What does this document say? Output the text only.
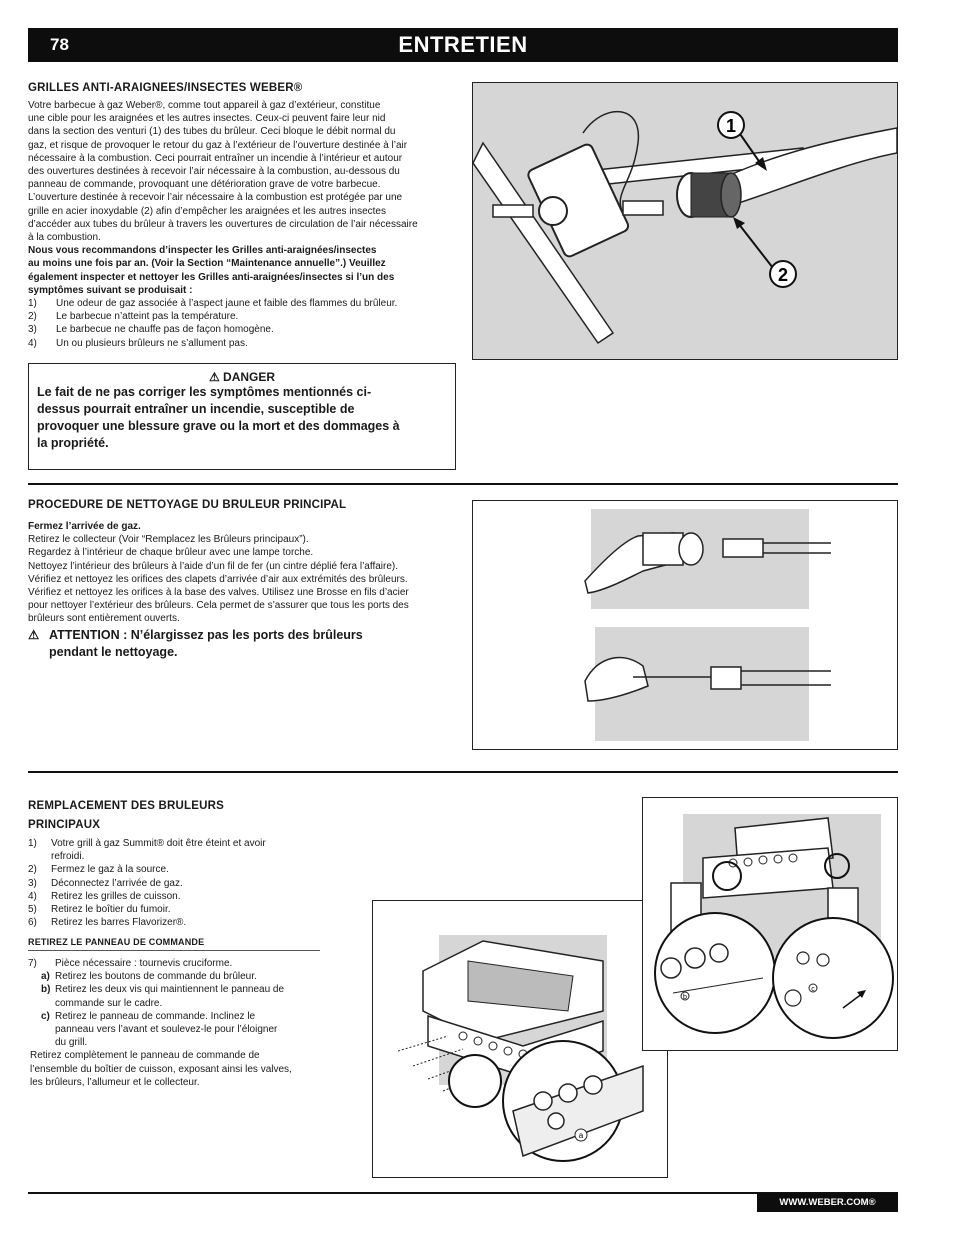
78	ENTRETIEN
GRILLES ANTI-ARAIGNEES/INSECTES WEBER®
Votre barbecue à gaz Weber®, comme tout appareil à gaz d’extérieur, constitue
une cible pour les araignées et les autres insectes. Ceux-ci peuvent faire leur nid
dans la section des venturi (1) des tubes du brûleur. Ceci bloque le débit normal du
gaz, et risque de provoquer le retour du gaz à l’extérieur de l’ouverture destinée à l’air
nécessaire à la combustion. Ceci pourrait entraîner un incendie à l’intérieur et autour
des ouvertures destinées à recevoir l’air nécessaire à la combustion, au-dessous du
panneau de commande, provoquant une détérioration grave de votre barbecue.
L’ouverture destinée à recevoir l’air nécessaire à la combustion est protégée par une
grille en acier inoxydable (2) afin d’empêcher les araignées et les autres insectes
d’accéder aux tubes du brûleur à travers les ouvertures de circulation de l’air nécessaire
à la combustion.
Nous vous recommandons d’inspecter les Grilles anti-araignées/insectes
au moins une fois par an. (Voir la Section “Maintenance annuelle”.) Veuillez
également inspecter et nettoyer les Grilles anti-araignées/insectes si l’un des
symptômes suivant se produisait :
1)	Une odeur de gaz associée à l’aspect jaune et faible des flammes du brûleur.
2)	Le barbecue n’atteint pas la température.
3)	Le barbecue ne chauffe pas de façon homogène.
4)	Un ou plusieurs brûleurs ne s’allument pas.
1
2
⚠ DANGER
Le fait de ne pas corriger les symptômes mentionnés ci-
dessus pourrait entraîner un incendie, susceptible de
provoquer une blessure grave ou la mort et des dommages à
la propriété.
PROCEDURE DE NETTOYAGE DU BRULEUR PRINCIPAL
Fermez l’arrivée de gaz.
Retirez le collecteur (Voir “Remplacez les Brûleurs principaux”).
Regardez à l’intérieur de chaque brûleur avec une lampe torche.
Nettoyez l’intérieur des brûleurs à l’aide d’un fil de fer (un cintre déplié fera l’affaire).
Vérifiez et nettoyez les orifices des clapets d’arrivée d’air aux extrémités des brûleurs.
Vérifiez et nettoyez les orifices à la base des valves. Utilisez une Brosse en fils d’acier
pour nettoyer l’extérieur des brûleurs. Cela permet de s’assurer que tous les ports des
brûleurs sont entièrement ouverts.
⚠ ATTENTION : N’élargissez pas les ports des brûleurs
pendant le nettoyage.
REMPLACEMENT DES BRULEURS
PRINCIPAUX
1)	Votre grill à gaz Summit® doit être éteint et avoir
refroidi.
2)	Fermez le gaz à la source.
3)	Déconnectez l’arrivée de gaz.
4)	Retirez les grilles de cuisson.
5)	Retirez le boîtier du fumoir.
6)	Retirez les barres Flavorizer®.
RETIREZ LE PANNEAU DE COMMANDE
7)	Pièce nécessaire : tournevis cruciforme.
a) Retirez les boutons de commande du brûleur.
b) Retirez les deux vis qui maintiennent le panneau de
commande sur le cadre.
c) Retirez le panneau de commande. Inclinez le
panneau vers l’avant et soulevez-le pour l’éloigner
du grill.
Retirez complètement le panneau de commande de
l’ensemble du boîtier de cuisson, exposant ainsi les valves,
les brûleurs, l’allumeur et le collecteur.
a
b
c
WWW.WEBER.COM®
